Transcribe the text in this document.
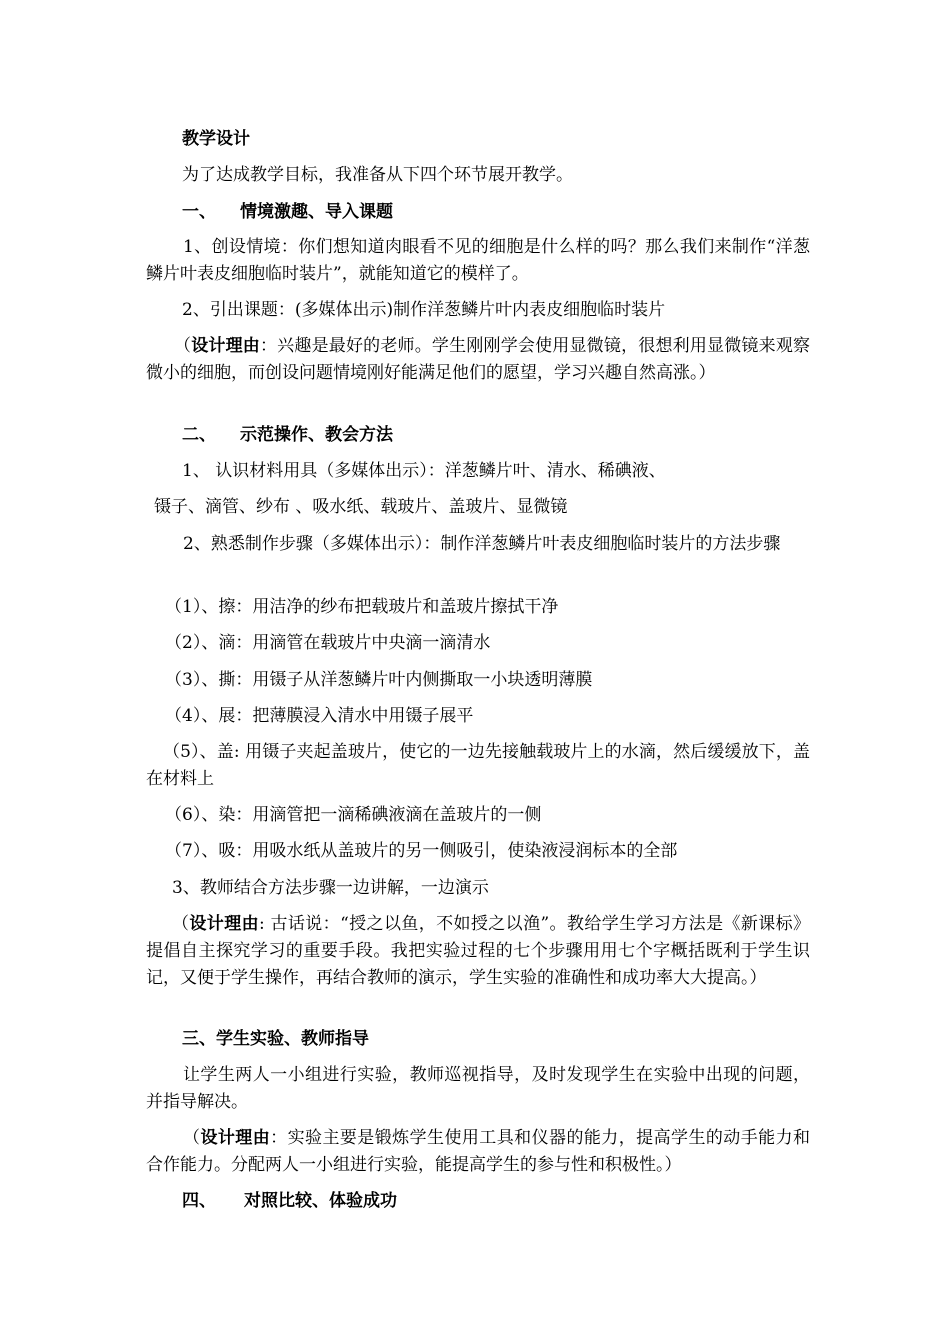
教学设计
为了达成教学目标，我准备从下四个环节展开教学。
一、 情境激趣、导入课题
1、创设情境：你们想知道肉眼看不见的细胞是什么样的吗？那么我们来制作“洋葱鳞片叶表皮细胞临时装片”，就能知道它的模样了。
2、引出课题：(多媒体出示)制作洋葱鳞片叶内表皮细胞临时装片
（设计理由：兴趣是最好的老师。学生刚刚学会使用显微镜，很想利用显微镜来观察微小的细胞，而创设问题情境刚好能满足他们的愿望，学习兴趣自然高涨。）
二、 示范操作、教会方法
1、 认识材料用具（多媒体出示）：洋葱鳞片叶、清水、稀碘液、
镊子、滴管、纱布 、吸水纸、载玻片、盖玻片、显微镜
2、熟悉制作步骤（多媒体出示）：制作洋葱鳞片叶表皮细胞临时装片的方法步骤
（1）、擦：用洁净的纱布把载玻片和盖玻片擦拭干净
（2）、滴：用滴管在载玻片中央滴一滴清水
（3）、撕：用镊子从洋葱鳞片叶内侧撕取一小块透明薄膜
（4）、展：把薄膜浸入清水中用镊子展平
（5）、盖: 用镊子夹起盖玻片，使它的一边先接触载玻片上的水滴，然后缓缓放下，盖在材料上
（6）、染：用滴管把一滴稀碘液滴在盖玻片的一侧
（7）、吸：用吸水纸从盖玻片的另一侧吸引，使染液浸润标本的全部
3、教师结合方法步骤一边讲解，一边演示
（设计理由: 古话说：“授之以鱼，不如授之以渔”。教给学生学习方法是《新课标》提倡自主探究学习的重要手段。我把实验过程的七个步骤用用七个字概括既利于学生识记，又便于学生操作，再结合教师的演示，学生实验的准确性和成功率大大提高。）
三、学生实验、教师指导
让学生两人一小组进行实验，教师巡视指导，及时发现学生在实验中出现的问题，并指导解决。
（设计理由：实验主要是锻炼学生使用工具和仪器的能力，提高学生的动手能力和合作能力。分配两人一小组进行实验，能提高学生的参与性和积极性。）
四、 对照比较、体验成功
